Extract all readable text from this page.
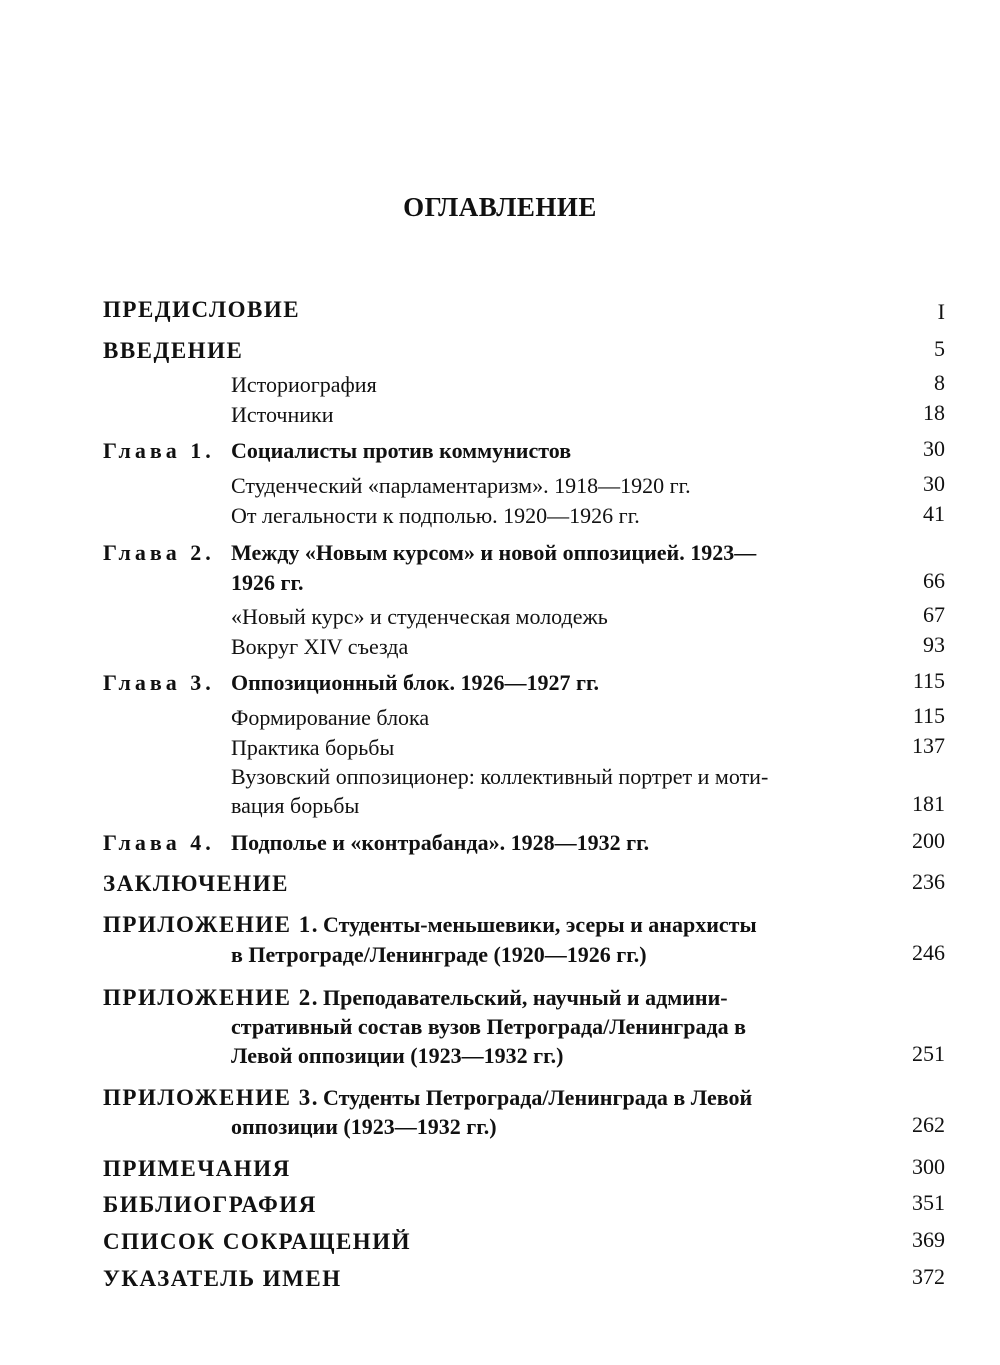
ОГЛАВЛЕНИЕ
ПРЕДИСЛОВИЕ	I
ВВЕДЕНИЕ	5
Историография	8
Источники	18
Глава 1. Социалисты против коммунистов	30
Студенческий «парламентаризм». 1918—1920 гг.	30
От легальности к подполью. 1920—1926 гг.	41
Глава 2. Между «Новым курсом» и новой оппозицией. 1923—
1926 гг.	66
«Новый курс» и студенческая молодежь	67
Вокруг XIV съезда	93
Глава 3. Оппозиционный блок. 1926—1927 гг.	115
Формирование блока	115
Практика борьбы	137
Вузовский оппозиционер: коллективный портрет и моти-
вация борьбы	181
Глава 4. Подполье и «контрабанда». 1928—1932 гг.	200
ЗАКЛЮЧЕНИЕ	236
ПРИЛОЖЕНИЕ 1. Студенты-меньшевики, эсеры и анархисты
в Петрограде/Ленинграде (1920—1926 гг.)	246
ПРИЛОЖЕНИЕ 2. Преподавательский, научный и админи-
стративный состав вузов Петрограда/Ленинграда в
Левой оппозиции (1923—1932 гг.)	251
ПРИЛОЖЕНИЕ 3. Студенты Петрограда/Ленинграда в Левой
оппозиции (1923—1932 гг.)	262
ПРИМЕЧАНИЯ	300
БИБЛИОГРАФИЯ	351
СПИСОК СОКРАЩЕНИЙ	369
УКАЗАТЕЛЬ ИМЕН	372
